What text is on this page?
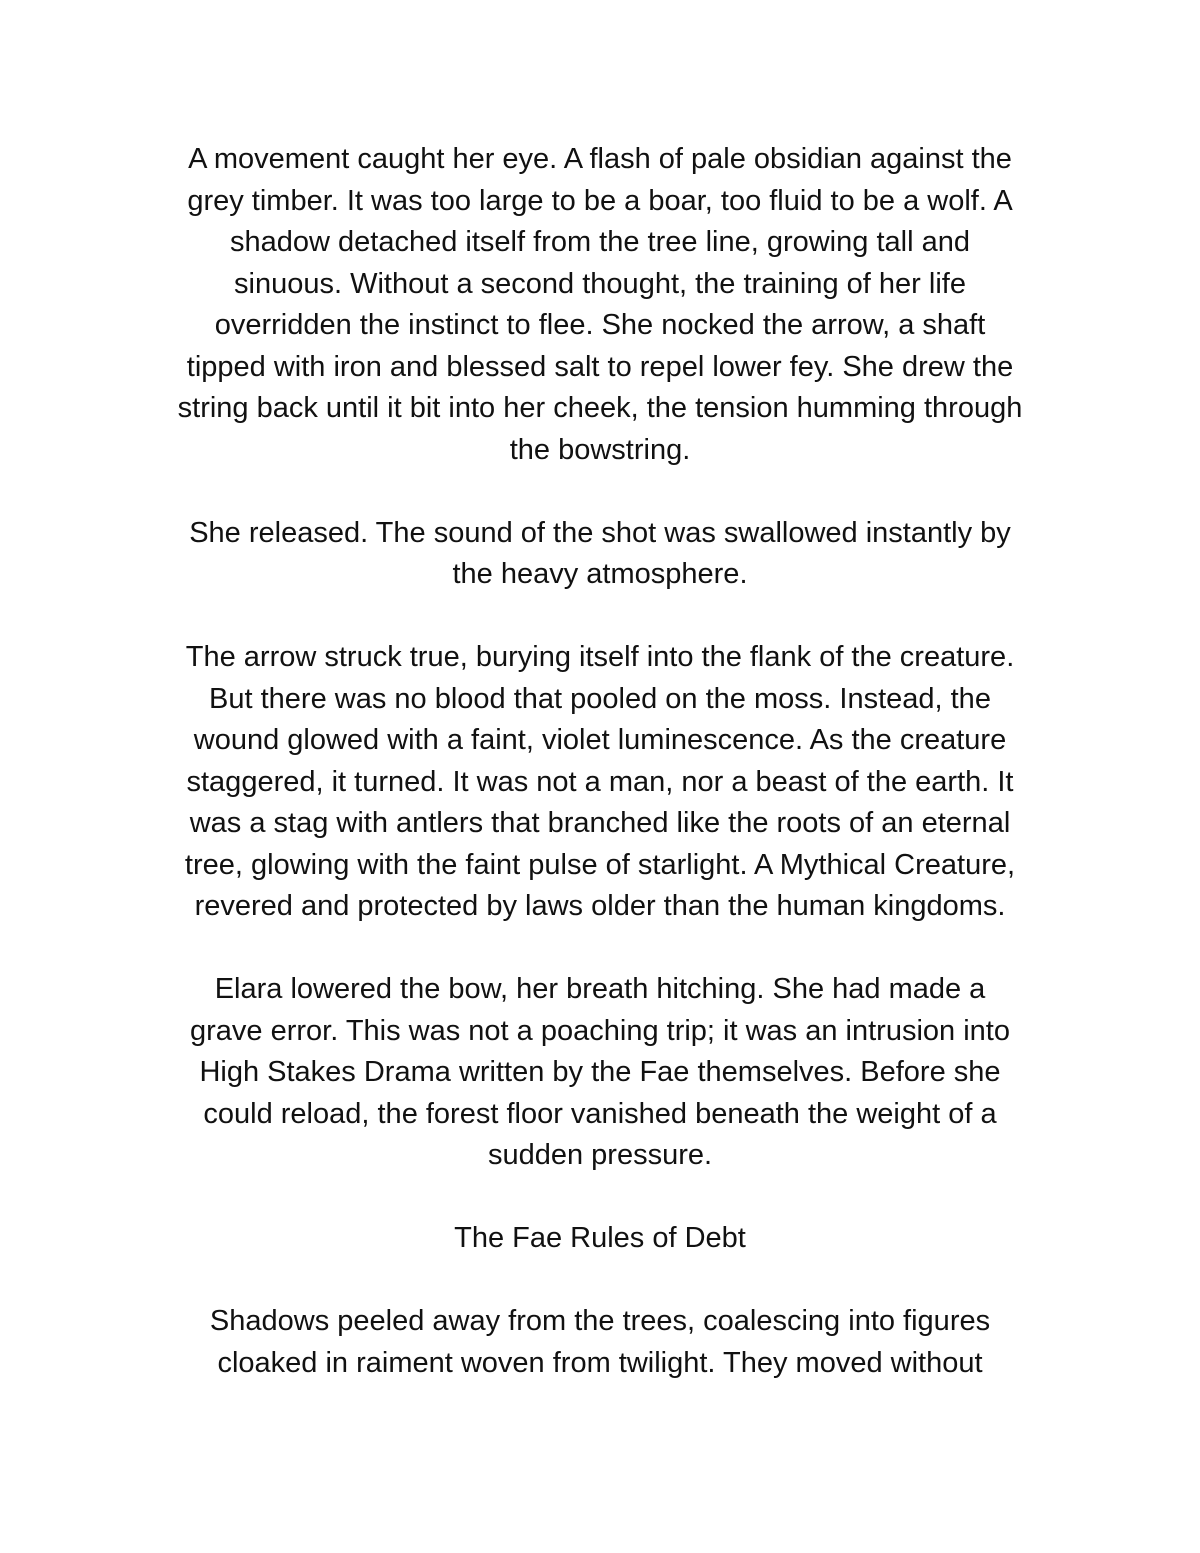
A movement caught her eye. A flash of pale obsidian against the
grey timber. It was too large to be a boar, too fluid to be a wolf. A
shadow detached itself from the tree line, growing tall and
sinuous. Without a second thought, the training of her life
overridden the instinct to flee. She nocked the arrow, a shaft
tipped with iron and blessed salt to repel lower fey. She drew the
string back until it bit into her cheek, the tension humming through
the bowstring.

She released. The sound of the shot was swallowed instantly by
the heavy atmosphere.

The arrow struck true, burying itself into the flank of the creature.
But there was no blood that pooled on the moss. Instead, the
wound glowed with a faint, violet luminescence. As the creature
staggered, it turned. It was not a man, nor a beast of the earth. It
was a stag with antlers that branched like the roots of an eternal
tree, glowing with the faint pulse of starlight. A Mythical Creature,
revered and protected by laws older than the human kingdoms.

Elara lowered the bow, her breath hitching. She had made a
grave error. This was not a poaching trip; it was an intrusion into
High Stakes Drama written by the Fae themselves. Before she
could reload, the forest floor vanished beneath the weight of a
sudden pressure.

The Fae Rules of Debt

Shadows peeled away from the trees, coalescing into figures
cloaked in raiment woven from twilight. They moved without
